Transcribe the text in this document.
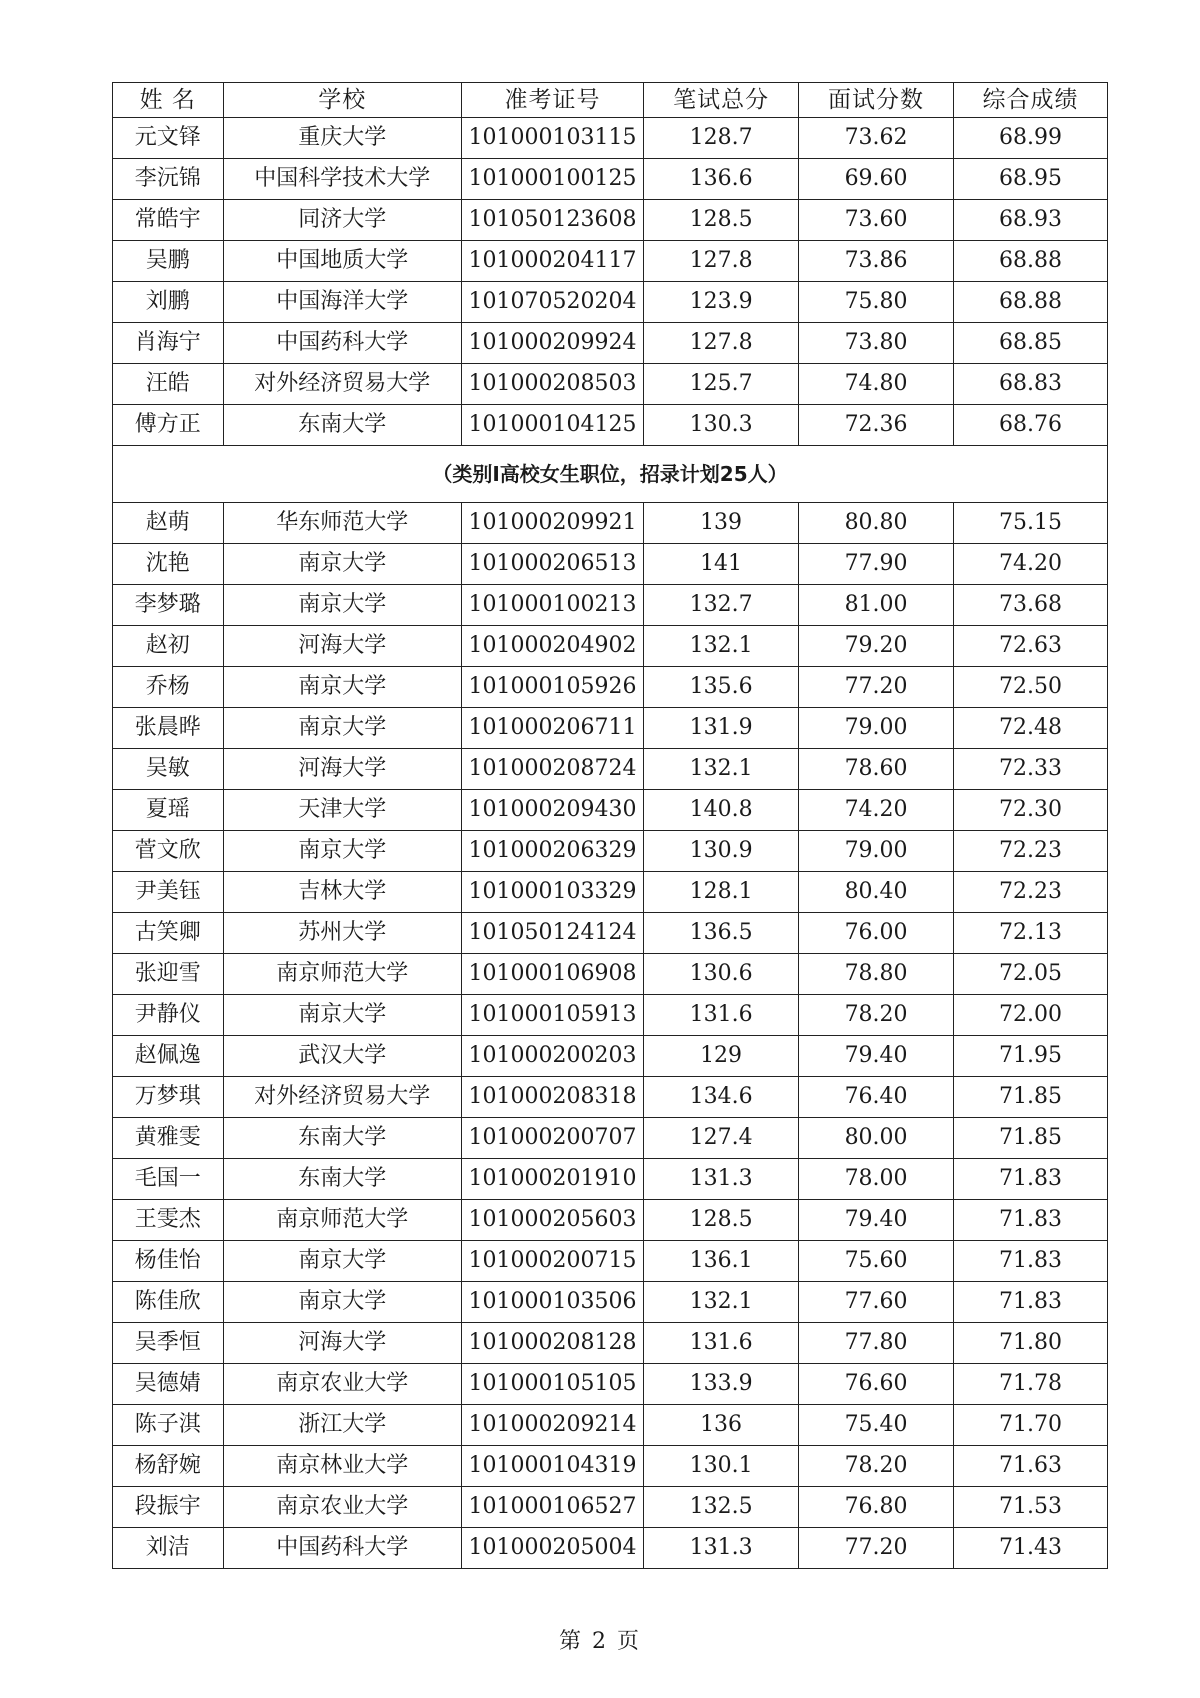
姓 名	学校	准考证号	笔试总分	面试分数	综合成绩
元文铎	重庆大学	101000103115	128.7	73.62	68.99
李沅锦	中国科学技术大学	101000100125	136.6	69.60	68.95
常皓宇	同济大学	101050123608	128.5	73.60	68.93
吴鹏	中国地质大学	101000204117	127.8	73.86	68.88
刘鹏	中国海洋大学	101070520204	123.9	75.80	68.88
肖海宁	中国药科大学	101000209924	127.8	73.80	68.85
汪皓	对外经济贸易大学	101000208503	125.7	74.80	68.83
傅方正	东南大学	101000104125	130.3	72.36	68.76
（类别I高校女生职位，招录计划25人）					
赵萌	华东师范大学	101000209921	139	80.80	75.15
沈艳	南京大学	101000206513	141	77.90	74.20
李梦璐	南京大学	101000100213	132.7	81.00	73.68
赵初	河海大学	101000204902	132.1	79.20	72.63
乔杨	南京大学	101000105926	135.6	77.20	72.50
张晨晔	南京大学	101000206711	131.9	79.00	72.48
吴敏	河海大学	101000208724	132.1	78.60	72.33
夏瑶	天津大学	101000209430	140.8	74.20	72.30
菅文欣	南京大学	101000206329	130.9	79.00	72.23
尹美钰	吉林大学	101000103329	128.1	80.40	72.23
古笑卿	苏州大学	101050124124	136.5	76.00	72.13
张迎雪	南京师范大学	101000106908	130.6	78.80	72.05
尹静仪	南京大学	101000105913	131.6	78.20	72.00
赵佩逸	武汉大学	101000200203	129	79.40	71.95
万梦琪	对外经济贸易大学	101000208318	134.6	76.40	71.85
黄雅雯	东南大学	101000200707	127.4	80.00	71.85
毛国一	东南大学	101000201910	131.3	78.00	71.83
王雯杰	南京师范大学	101000205603	128.5	79.40	71.83
杨佳怡	南京大学	101000200715	136.1	75.60	71.83
陈佳欣	南京大学	101000103506	132.1	77.60	71.83
吴季恒	河海大学	101000208128	131.6	77.80	71.80
吴德婧	南京农业大学	101000105105	133.9	76.60	71.78
陈子淇	浙江大学	101000209214	136	75.40	71.70
杨舒婉	南京林业大学	101000104319	130.1	78.20	71.63
段振宇	南京农业大学	101000106527	132.5	76.80	71.53
刘洁	中国药科大学	101000205004	131.3	77.20	71.43
第 2 页
